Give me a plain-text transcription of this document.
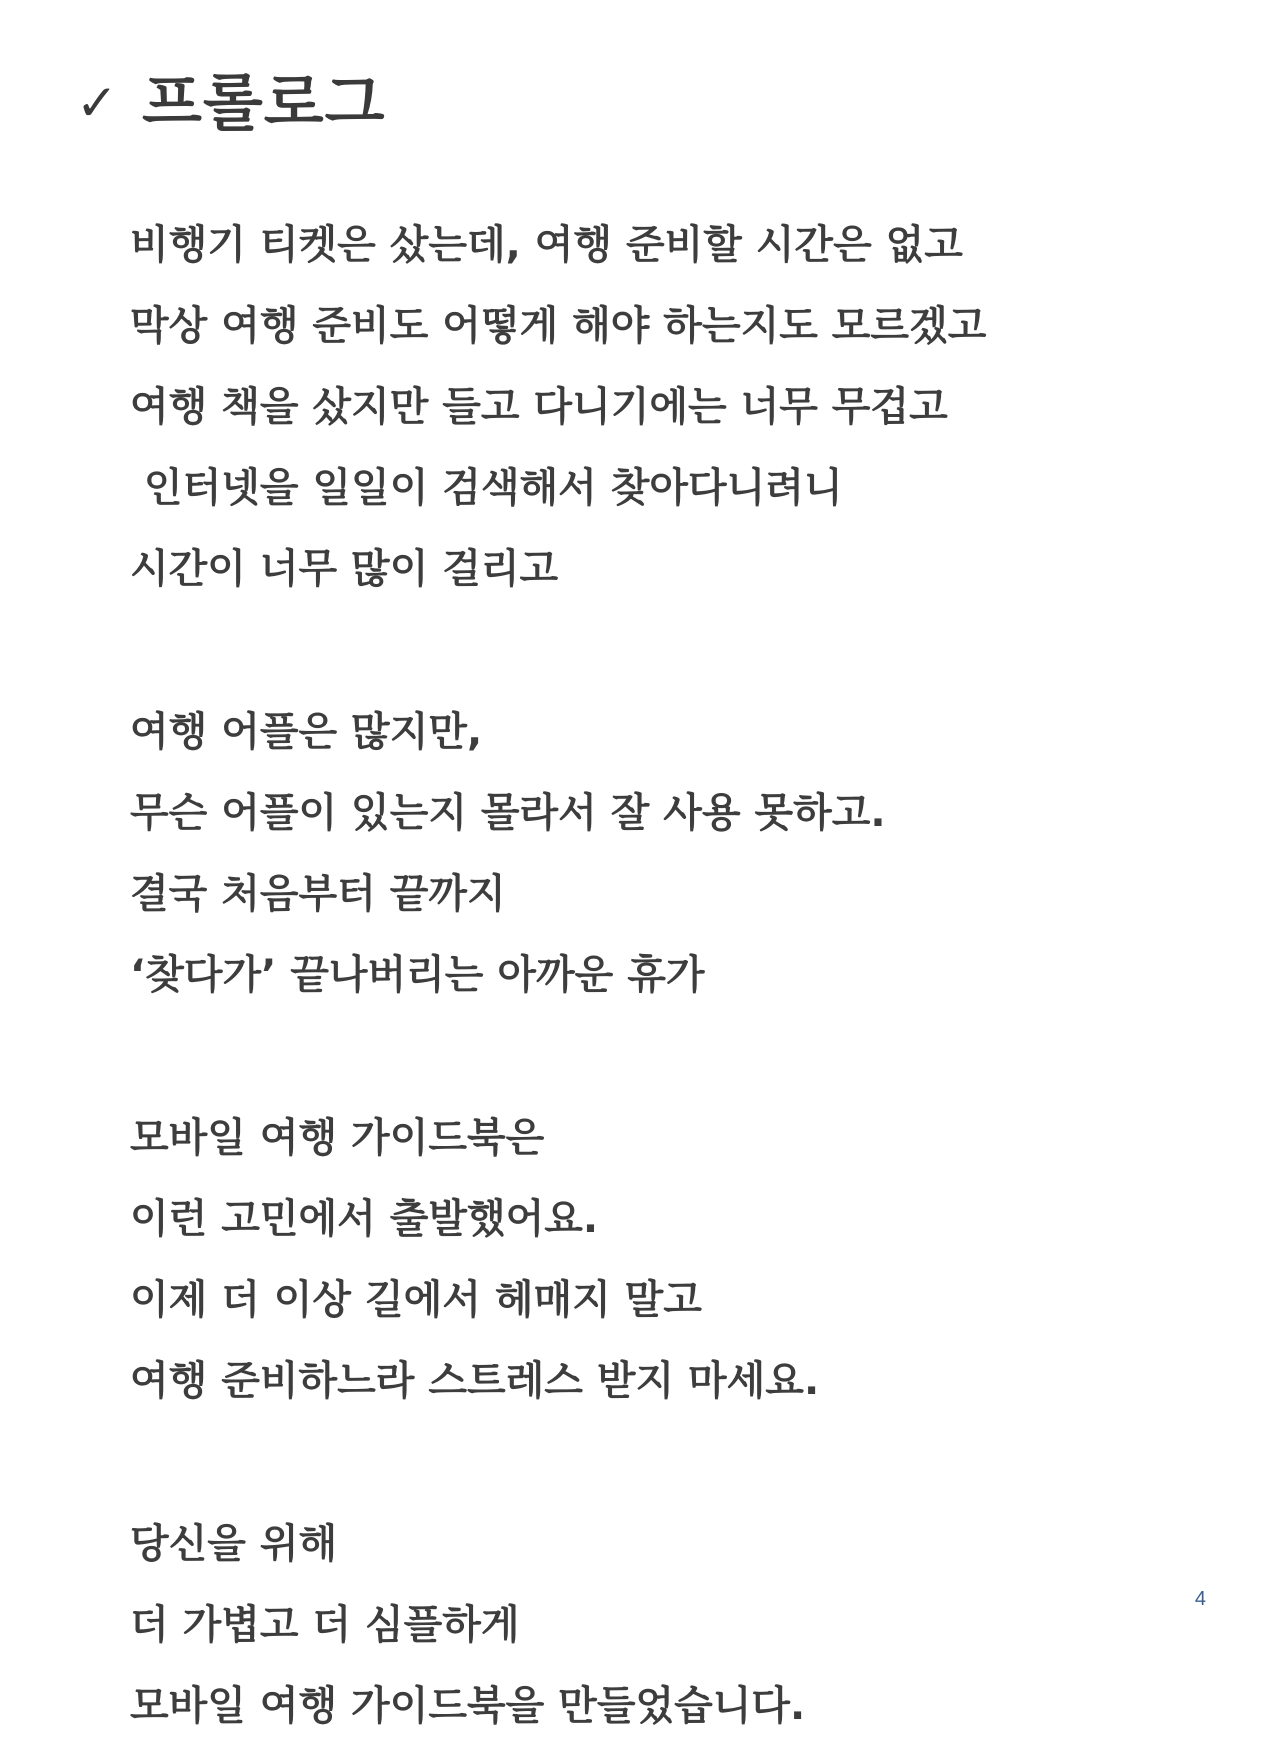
✓ 프롤로그

비행기 티켓은 샀는데, 여행 준비할 시간은 없고
막상 여행 준비도 어떻게 해야 하는지도 모르겠고
여행 책을 샀지만 들고 다니기에는 너무 무겁고
인터넷을 일일이 검색해서 찾아다니려니
시간이 너무 많이 걸리고

여행 어플은 많지만,
무슨 어플이 있는지 몰라서 잘 사용 못하고.
결국 처음부터 끝까지
‘찾다가’ 끝나버리는 아까운 휴가

모바일 여행 가이드북은
이런 고민에서 출발했어요.
이제 더 이상 길에서 헤매지 말고
여행 준비하느라 스트레스 받지 마세요.

당신을 위해
더 가볍고 더 심플하게
모바일 여행 가이드북을 만들었습니다.

4
